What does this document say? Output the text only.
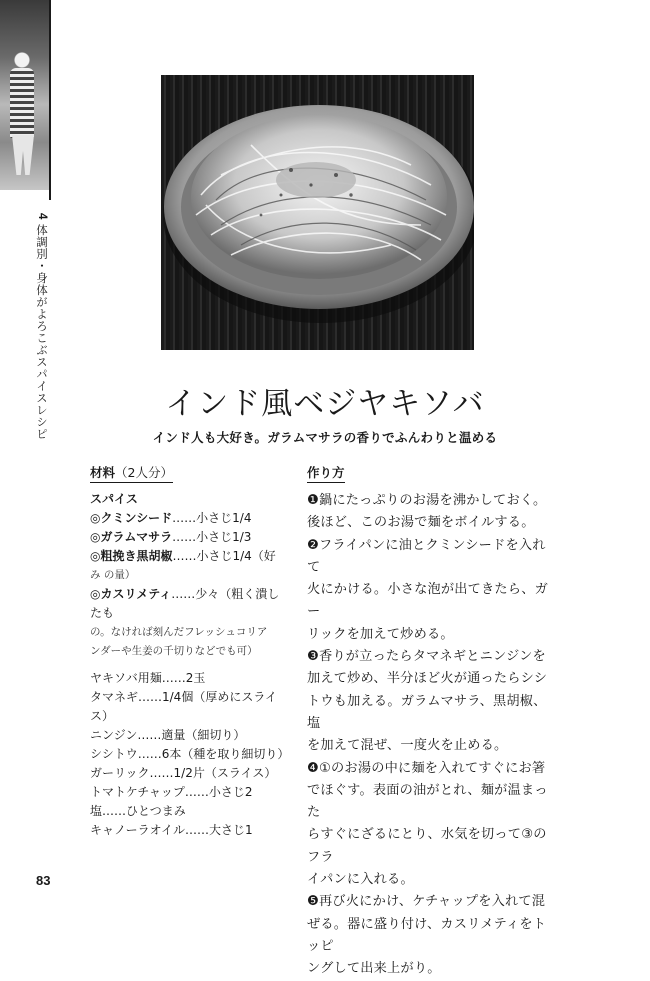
4 体調別・身体がよろこぶスパイスレシピ	インド風ベジヤキソバ
インド人も大好き。ガラムマサラの香りでふんわりと温める
材料（2人分）
スパイス
◎クミンシード……小さじ1/4
◎ガラムマサラ……小さじ1/3
◎粗挽き黒胡椒……小さじ1/4（好
み の量）
◎カスリメティ……少々（粗く潰したも
の。なければ刻んだフレッシュコリア
ンダーや生姜の千切りなどでも可）
ヤキソバ用麺……2玉
タマネギ……1/4個（厚めにスライス）
ニンジン……適量（細切り）
シシトウ……6本（種を取り細切り）
ガーリック……1/2片（スライス）
トマトケチャップ……小さじ2
塩……ひとつまみ
キャノーラオイル……大さじ1
作り方
❶鍋にたっぷりのお湯を沸かしておく。
後ほど、このお湯で麺をボイルする。
❷フライパンに油とクミンシードを入れて
火にかける。小さな泡が出てきたら、ガー
リックを加えて炒める。
❸香りが立ったらタマネギとニンジンを
加えて炒め、半分ほど火が通ったらシシ
トウも加える。ガラムマサラ、黒胡椒、塩
を加えて混ぜ、一度火を止める。
❹①のお湯の中に麺を入れてすぐにお箸
でほぐす。表面の油がとれ、麺が温まった
らすぐにざるにとり、水気を切って③のフラ
イパンに入れる。
❺再び火にかけ、ケチャップを入れて混
ぜる。器に盛り付け、カスリメティをトッピ
ングして出来上がり。
83
